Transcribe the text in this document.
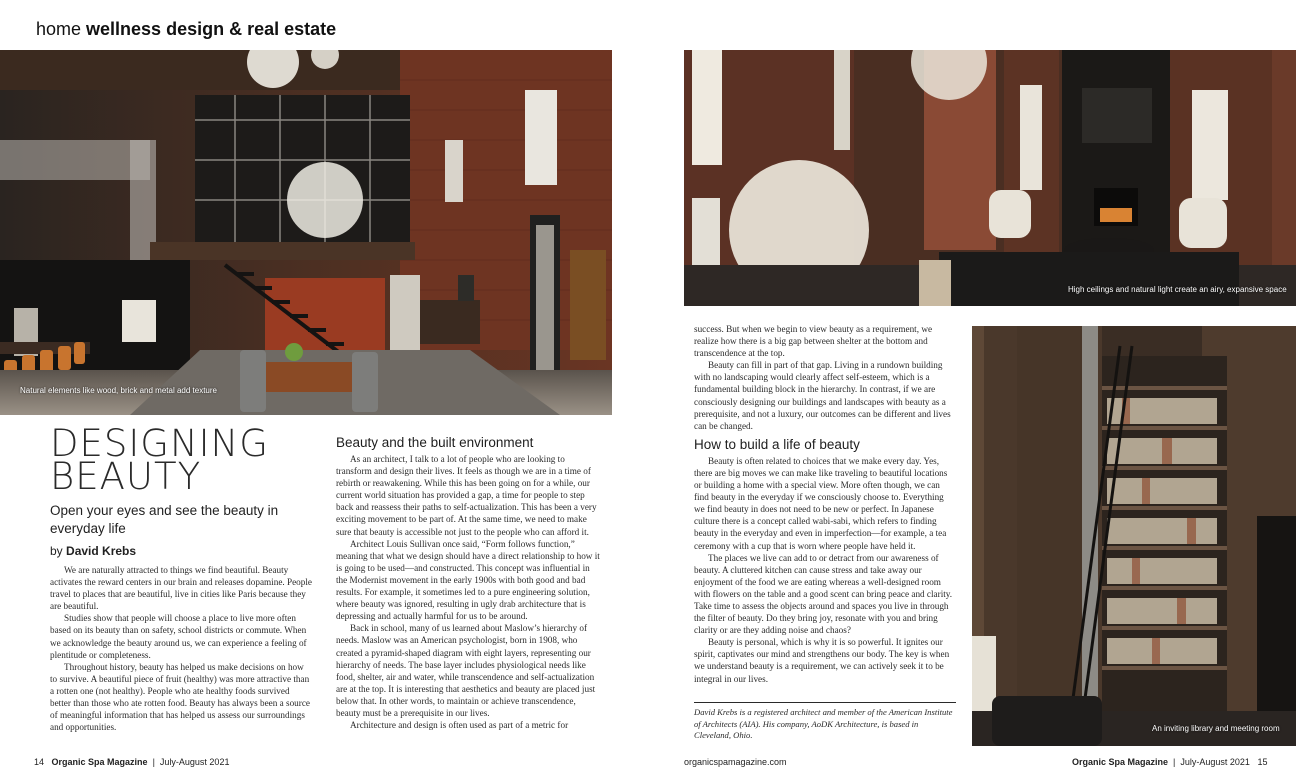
home wellness design & real estate
Natural elements like wood, brick and metal add texture
High ceilings and natural light create an airy, expansive space
An inviting library and meeting room
DESIGNING
BEAUTY
Open your eyes and see the beauty in everyday life
by David Krebs

We are naturally attracted to things we find beautiful. Beauty activates the reward centers in our brain and releases dopamine. People travel to places that are beautiful, live in cities like Paris because they are beautiful.

Studies show that people will choose a place to live more often based on its beauty than on safety, school districts or commute. When we acknowledge the beauty around us, we can experience a feeling of plentitude or completeness.

Throughout history, beauty has helped us make decisions on how to survive. A beautiful piece of fruit (healthy) was more attractive than a rotten one (not healthy). People who ate healthy foods survived better than those who ate rotten food. Beauty has always been a source of meaningful information that has helped us assess our surroundings and opportunities.

Beauty and the built environment

As an architect, I talk to a lot of people who are looking to transform and design their lives. It feels as though we are in a time of rebirth or reawakening. While this has been going on for a while, our current world situation has provided a gap, a time for people to step back and reassess their paths to self-actualization. This has been a very exciting movement to be part of. At the same time, we need to make sure that beauty is accessible not just to the people who can afford it.

Architect Louis Sullivan once said, “Form follows function,” meaning that what we design should have a direct relationship to how it is going to be used—and constructed. This concept was influential in the Modernist movement in the early 1900s with both good and bad results. For example, it sometimes led to a pure engineering solution, where beauty was ignored, resulting in ugly drab architecture that is depressing and actually harmful for us to be around.

Back in school, many of us learned about Maslow’s hierarchy of needs. Maslow was an American psychologist, born in 1908, who created a pyramid-shaped diagram with eight layers, representing our hierarchy of needs. The base layer includes physiological needs like food, shelter, air and water, while transcendence and self-actualization are at the top. It is interesting that aesthetics and beauty are placed just below that. In other words, to maintain or achieve transcendence, beauty must be a prerequisite in our lives.

Architecture and design is often used as part of a metric for

success. But when we begin to view beauty as a requirement, we realize how there is a big gap between shelter at the bottom and transcendence at the top.

Beauty can fill in part of that gap. Living in a rundown building with no landscaping would clearly affect self-esteem, which is a fundamental building block in the hierarchy. In contrast, if we are consciously designing our buildings and landscapes with beauty as a prerequisite, and not a luxury, our outcomes can be different and lives can be changed.

How to build a life of beauty

Beauty is often related to choices that we make every day. Yes, there are big moves we can make like traveling to beautiful locations or building a home with a special view. More often though, we can find beauty in the everyday if we consciously choose to. Everything we find beauty in does not need to be new or perfect. In Japanese culture there is a concept called wabi-sabi, which refers to finding beauty in the everyday and even in imperfection—for example, a tea ceremony with a cup that is worn where people have held it.

The places we live can add to or detract from our awareness of beauty. A cluttered kitchen can cause stress and take away our enjoyment of the food we are eating whereas a well-designed room with flowers on the table and a good scent can bring peace and clarity. Take time to assess the objects around and spaces you live in through the filter of beauty. Do they bring joy, resonate with you and bring clarity or are they adding noise and chaos?

Beauty is personal, which is why it is so powerful. It ignites our spirit, captivates our mind and strengthens our body. The key is when we understand beauty is a requirement, we can actively seek it to be integral in our lives.

David Krebs is a registered architect and member of the American Institute of Architects (AIA). His company, AoDK Architecture, is based in Cleveland, Ohio.
14 Organic Spa Magazine  |  July-August 2021	organicspamagazine.com	Organic Spa Magazine  |  July-August 2021 15
